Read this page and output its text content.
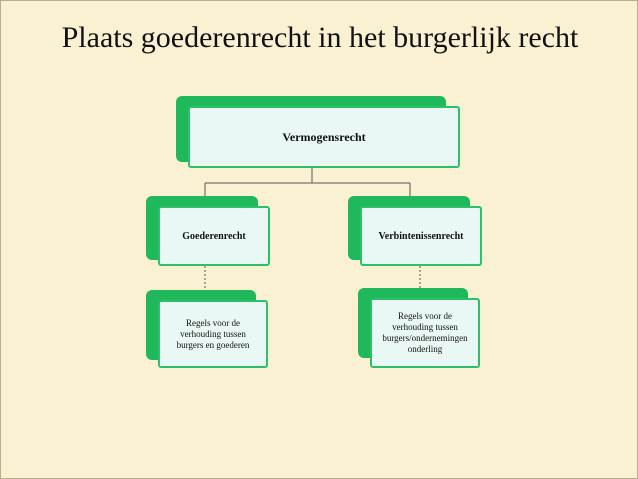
Plaats goederenrecht in het burgerlijk recht
Vermogensrecht
Goederenrecht	Verbintenissenrecht
Regels voor de verhouding tussen burgers en goederen
Regels voor de verhouding tussen burgers/ondernemingen onderling
